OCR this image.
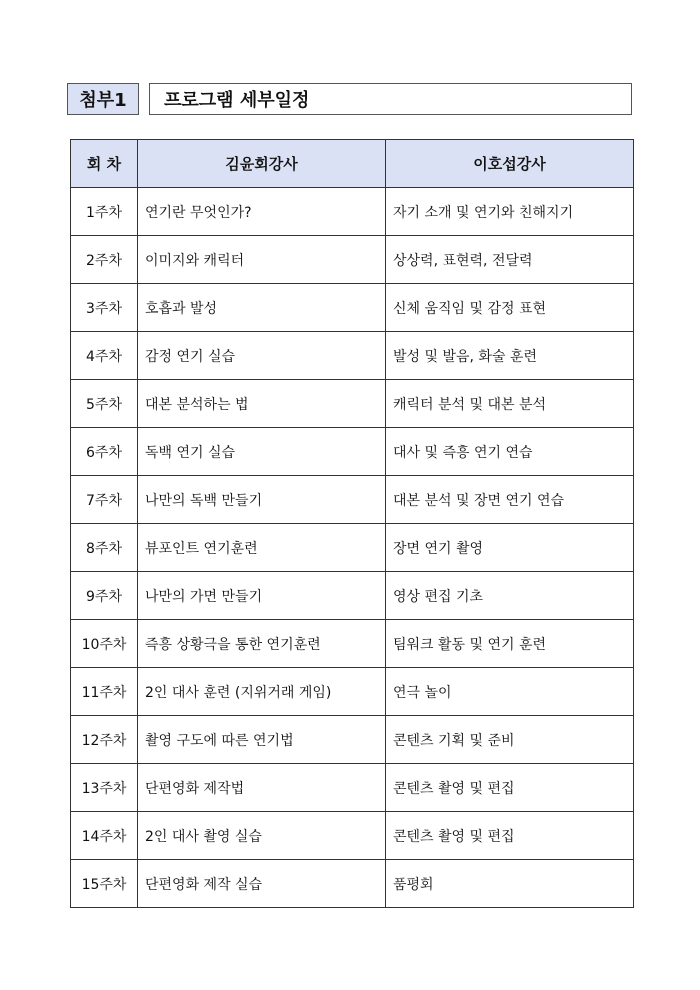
첨부1	프로그램 세부일정
회 차	김윤회강사	이호섭강사
1주차	연기란 무엇인가?	자기 소개 및 연기와 친해지기
2주차	이미지와 캐릭터	상상력, 표현력, 전달력
3주차	호흡과 발성	신체 움직임 및 감정 표현
4주차	감정 연기 실습	발성 및 발음, 화술 훈련
5주차	대본 분석하는 법	캐릭터 분석 및 대본 분석
6주차	독백 연기 실습	대사 및 즉흥 연기 연습
7주차	나만의 독백 만들기	대본 분석 및 장면 연기 연습
8주차	뷰포인트 연기훈련	장면 연기 촬영
9주차	나만의 가면 만들기	영상 편집 기초
10주차	즉흥 상황극을 통한 연기훈련	팀워크 활동 및 연기 훈련
11주차	2인 대사 훈련 (지위거래 게임)	연극 놀이
12주차	촬영 구도에 따른 연기법	콘텐츠 기획 및 준비
13주차	단편영화 제작법	콘텐츠 촬영 및 편집
14주차	2인 대사 촬영 실습	콘텐츠 촬영 및 편집
15주차	단편영화 제작 실습	품평회
